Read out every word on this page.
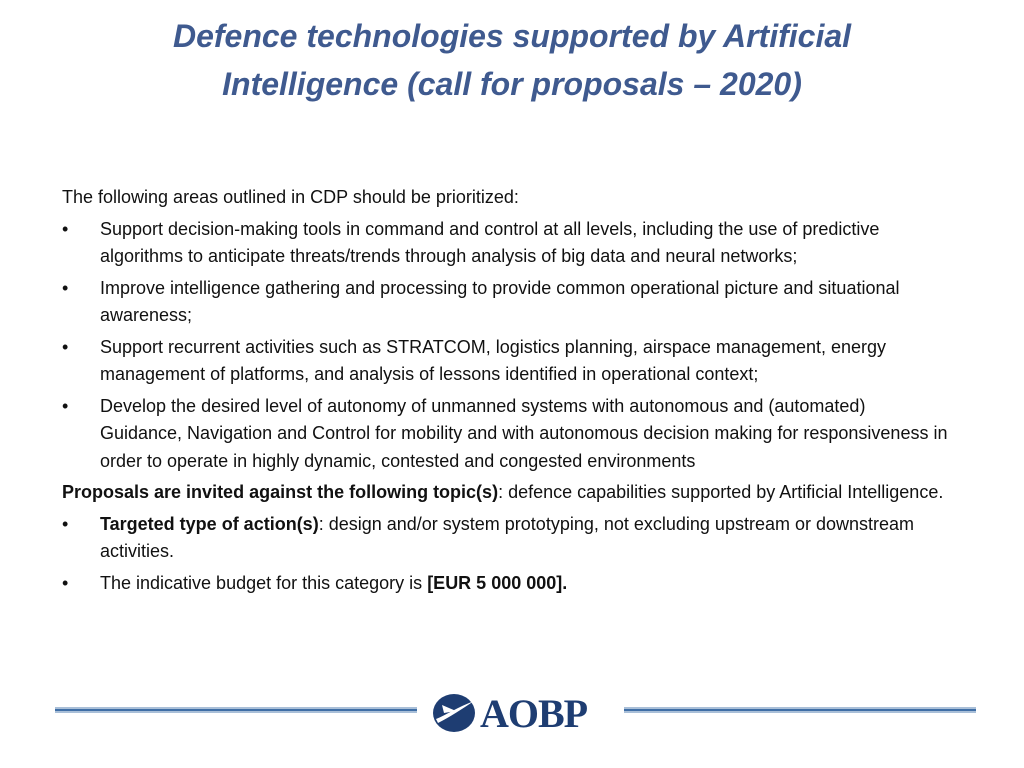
Defence technologies supported by Artificial
Intelligence (call for proposals – 2020)

The following areas outlined in CDP should be prioritized:

• Support decision-making tools in command and control at all levels, including the use of predictive algorithms to anticipate threats/trends through analysis of big data and neural networks;
• Improve intelligence gathering and processing to provide common operational picture and situational awareness;
• Support recurrent activities such as STRATCOM, logistics planning, airspace management, energy management of platforms, and analysis of lessons identified in operational context;
• Develop the desired level of autonomy of unmanned systems with autonomous and (automated) Guidance, Navigation and Control for mobility and with autonomous decision making for responsiveness in order to operate in highly dynamic, contested and congested environments

Proposals are invited against the following topic(s): defence capabilities supported by Artificial Intelligence.

• Targeted type of action(s): design and/or system prototyping, not excluding upstream or downstream activities.
• The indicative budget for this category is [EUR 5 000 000].
AOBP
